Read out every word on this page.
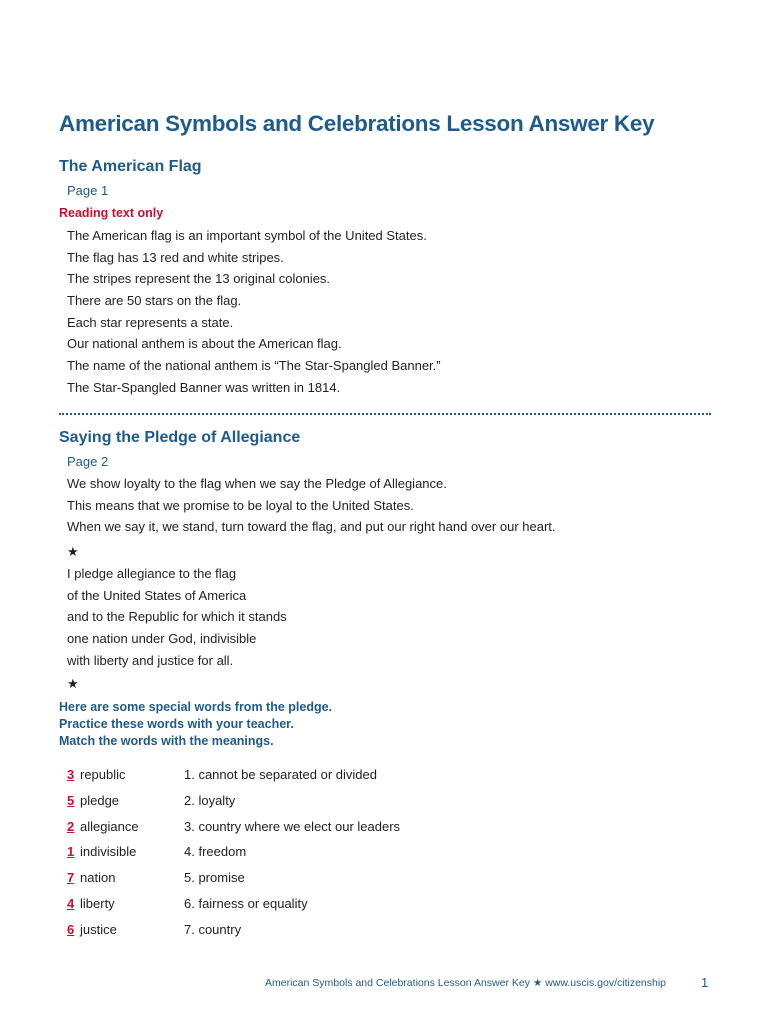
American Symbols and Celebrations Lesson Answer Key
The American Flag
Page 1
Reading text only
The American flag is an important symbol of the United States.
The flag has 13 red and white stripes.
The stripes represent the 13 original colonies.
There are 50 stars on the flag.
Each star represents a state.
Our national anthem is about the American flag.
The name of the national anthem is “The Star-Spangled Banner.”
The Star-Spangled Banner was written in 1814.
Saying the Pledge of Allegiance
Page 2
We show loyalty to the flag when we say the Pledge of Allegiance.
This means that we promise to be loyal to the United States.
When we say it, we stand, turn toward the flag, and put our right hand over our heart.
★
I pledge allegiance to the flag
of the United States of America
and to the Republic for which it stands
one nation under God, indivisible
with liberty and justice for all.
★
Here are some special words from the pledge.
Practice these words with your teacher.
Match the words with the meanings.
3 republic	1. cannot be separated or divided
5 pledge	2. loyalty
2 allegiance	3. country where we elect our leaders
1 indivisible	4. freedom
7 nation	5. promise
4 liberty	6. fairness or equality
6 justice	7. country
American Symbols and Celebrations Lesson Answer Key ★ www.uscis.gov/citizenship	1
